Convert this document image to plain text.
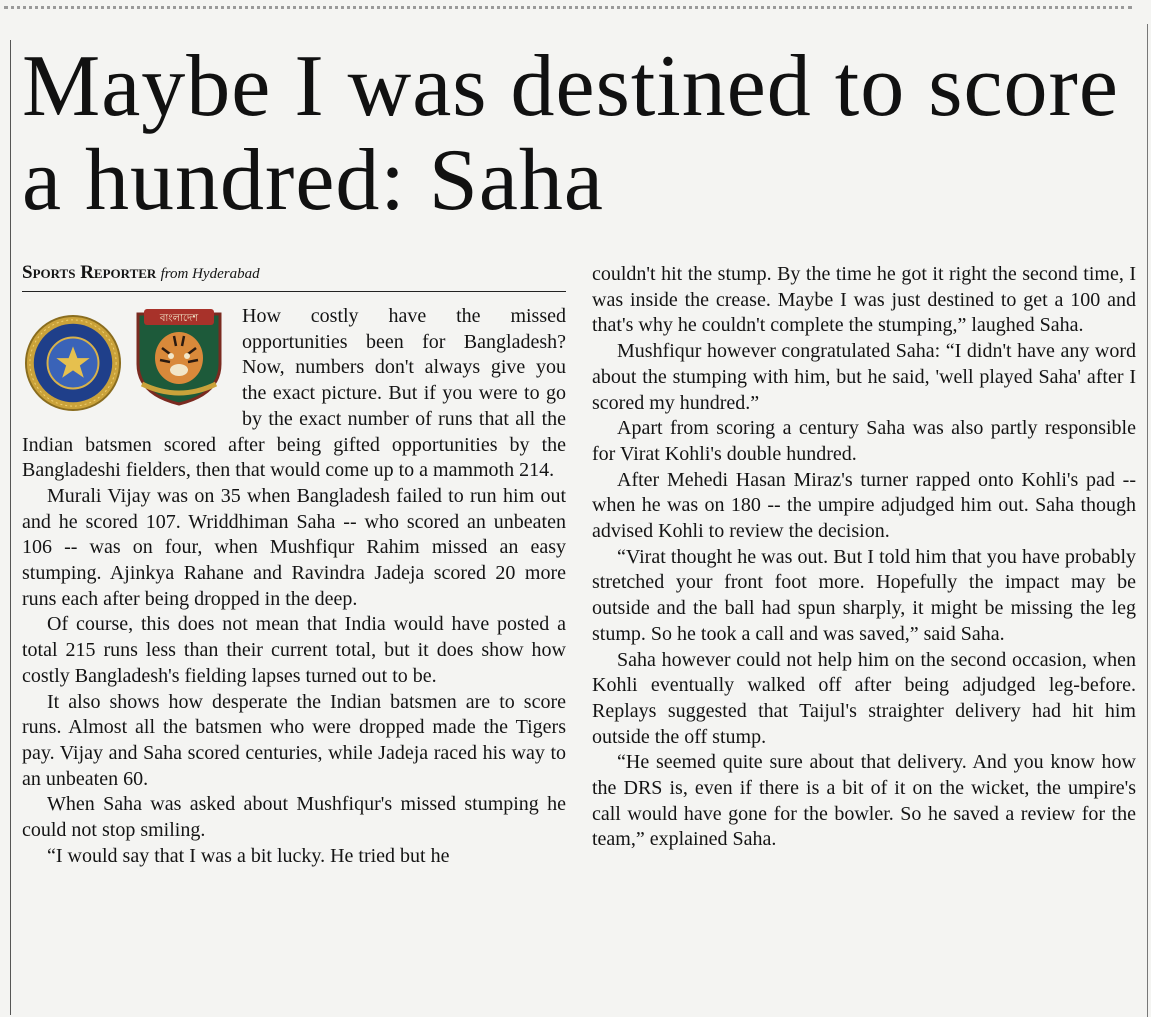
Maybe I was destined to score a hundred: Saha
Sports Reporter from Hyderabad
বাংলাদেশ	How costly have the missed opportunities been for Bangladesh? Now, numbers don't always give you the exact picture. But if you were to go by the exact number of runs that all the Indian batsmen scored after being gifted opportunities by the Bangladeshi fielders, then that would come up to a mammoth 214.

Murali Vijay was on 35 when Bangladesh failed to run him out and he scored 107. Wriddhiman Saha -- who scored an unbeaten 106 -- was on four, when Mushfiqur Rahim missed an easy stumping. Ajinkya Rahane and Ravindra Jadeja scored 20 more runs each after being dropped in the deep.

Of course, this does not mean that India would have posted a total 215 runs less than their current total, but it does show how costly Bangladesh's fielding lapses turned out to be.

It also shows how desperate the Indian batsmen are to score runs. Almost all the batsmen who were dropped made the Tigers pay. Vijay and Saha scored centuries, while Jadeja raced his way to an unbeaten 60.

When Saha was asked about Mushfiqur's missed stumping he could not stop smiling.

“I would say that I was a bit lucky. He tried but he

couldn't hit the stump. By the time he got it right the second time, I was inside the crease. Maybe I was just destined to get a 100 and that's why he couldn't complete the stumping,” laughed Saha.

Mushfiqur however congratulated Saha: “I didn't have any word about the stumping with him, but he said, 'well played Saha' after I scored my hundred.”

Apart from scoring a century Saha was also partly responsible for Virat Kohli's double hundred.

After Mehedi Hasan Miraz's turner rapped onto Kohli's pad -- when he was on 180 -- the umpire adjudged him out. Saha though advised Kohli to review the decision.

“Virat thought he was out. But I told him that you have probably stretched your front foot more. Hopefully the impact may be outside and the ball had spun sharply, it might be missing the leg stump. So he took a call and was saved,” said Saha.

Saha however could not help him on the second occasion, when Kohli eventually walked off after being adjudged leg-before. Replays suggested that Taijul's straighter delivery had hit him outside the off stump.

“He seemed quite sure about that delivery. And you know how the DRS is, even if there is a bit of it on the wicket, the umpire's call would have gone for the bowler. So he saved a review for the team,” explained Saha.
